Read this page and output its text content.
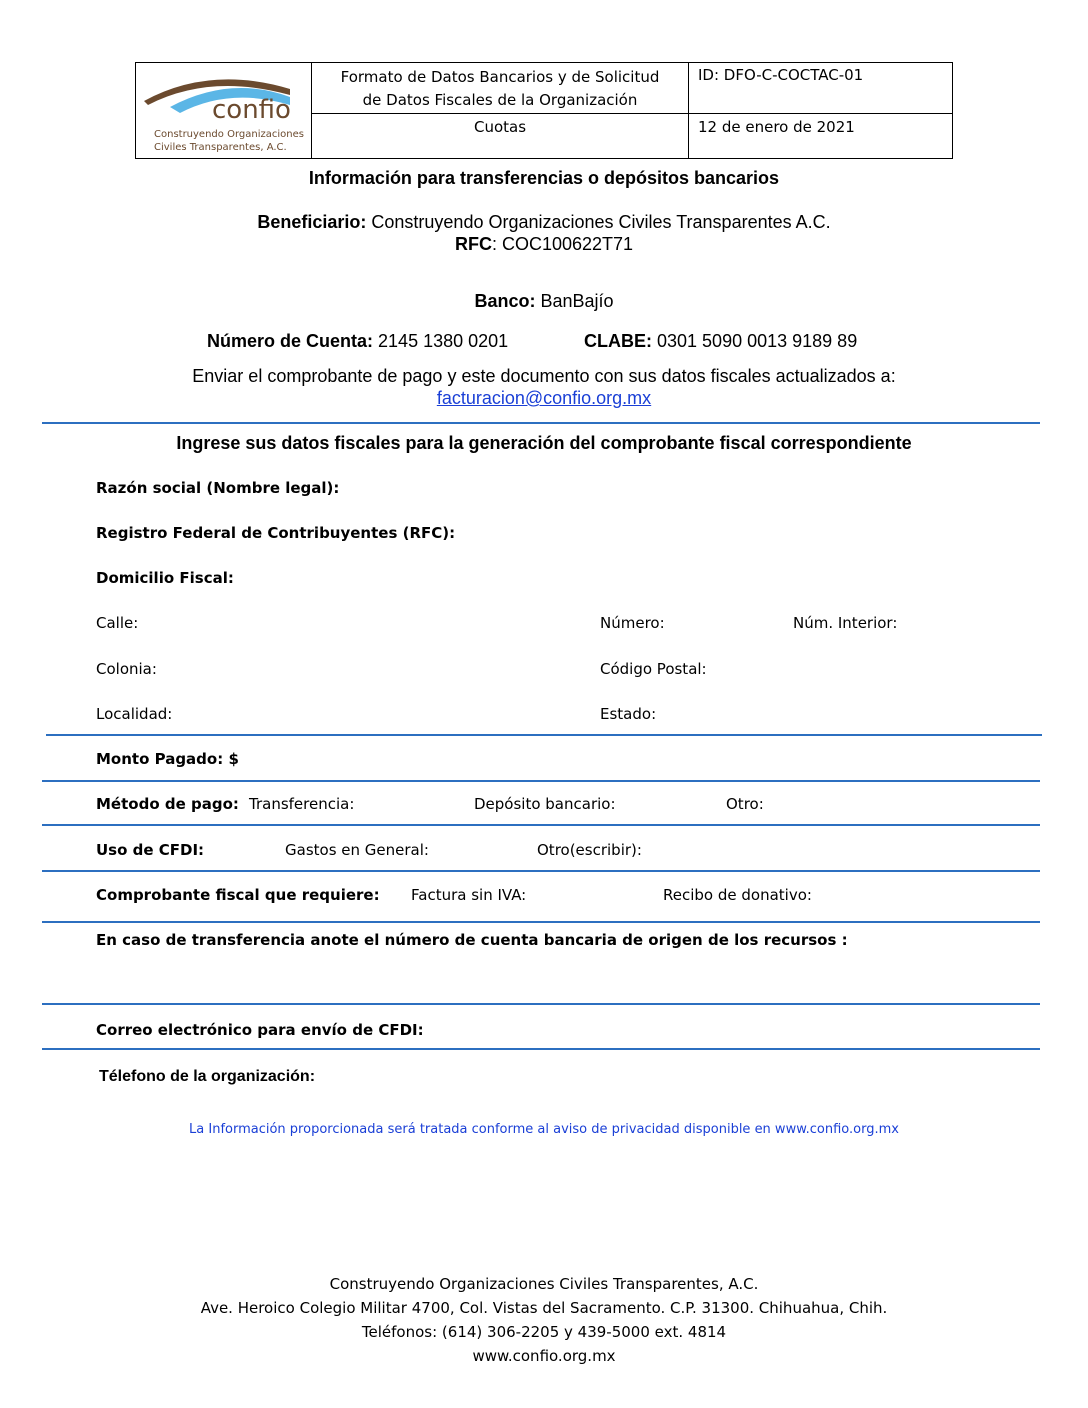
confio
Construyendo Organizaciones
Civiles Transparentes, A.C.
Formato de Datos Bancarios y de Solicitud
de Datos Fiscales de la Organización
ID: DFO-C-COCTAC-01
Cuotas	12 de enero de 2021
Información para transferencias o depósitos bancarios
Beneficiario: Construyendo Organizaciones Civiles Transparentes A.C.
RFC: COC100622T71
Banco: BanBajío
Número de Cuenta: 2145 1380 0201	CLABE: 0301 5090 0013 9189 89
Enviar el comprobante de pago y este documento con sus datos fiscales actualizados a:
facturacion@confio.org.mx
Ingrese sus datos fiscales para la generación del comprobante fiscal correspondiente
Razón social (Nombre legal):
Registro Federal de Contribuyentes (RFC):
Domicilio Fiscal:
Calle:	Número:	Núm. Interior:
Colonia:	Código Postal:
Localidad:	Estado:
Monto Pagado: $
Método de pago: Transferencia:	Depósito bancario:	Otro:
Uso de CFDI:	Gastos en General:	Otro(escribir):
Comprobante fiscal que requiere: Factura sin IVA:	Recibo de donativo:
En caso de transferencia anote el número de cuenta bancaria de origen de los recursos :
Correo electrónico para envío de CFDI:
Télefono de la organización:
La Información proporcionada será tratada conforme al aviso de privacidad disponible en www.confio.org.mx
Construyendo Organizaciones Civiles Transparentes, A.C.
Ave. Heroico Colegio Militar 4700, Col. Vistas del Sacramento. C.P. 31300. Chihuahua, Chih.
Teléfonos: (614) 306-2205 y 439-5000 ext. 4814
www.confio.org.mx
